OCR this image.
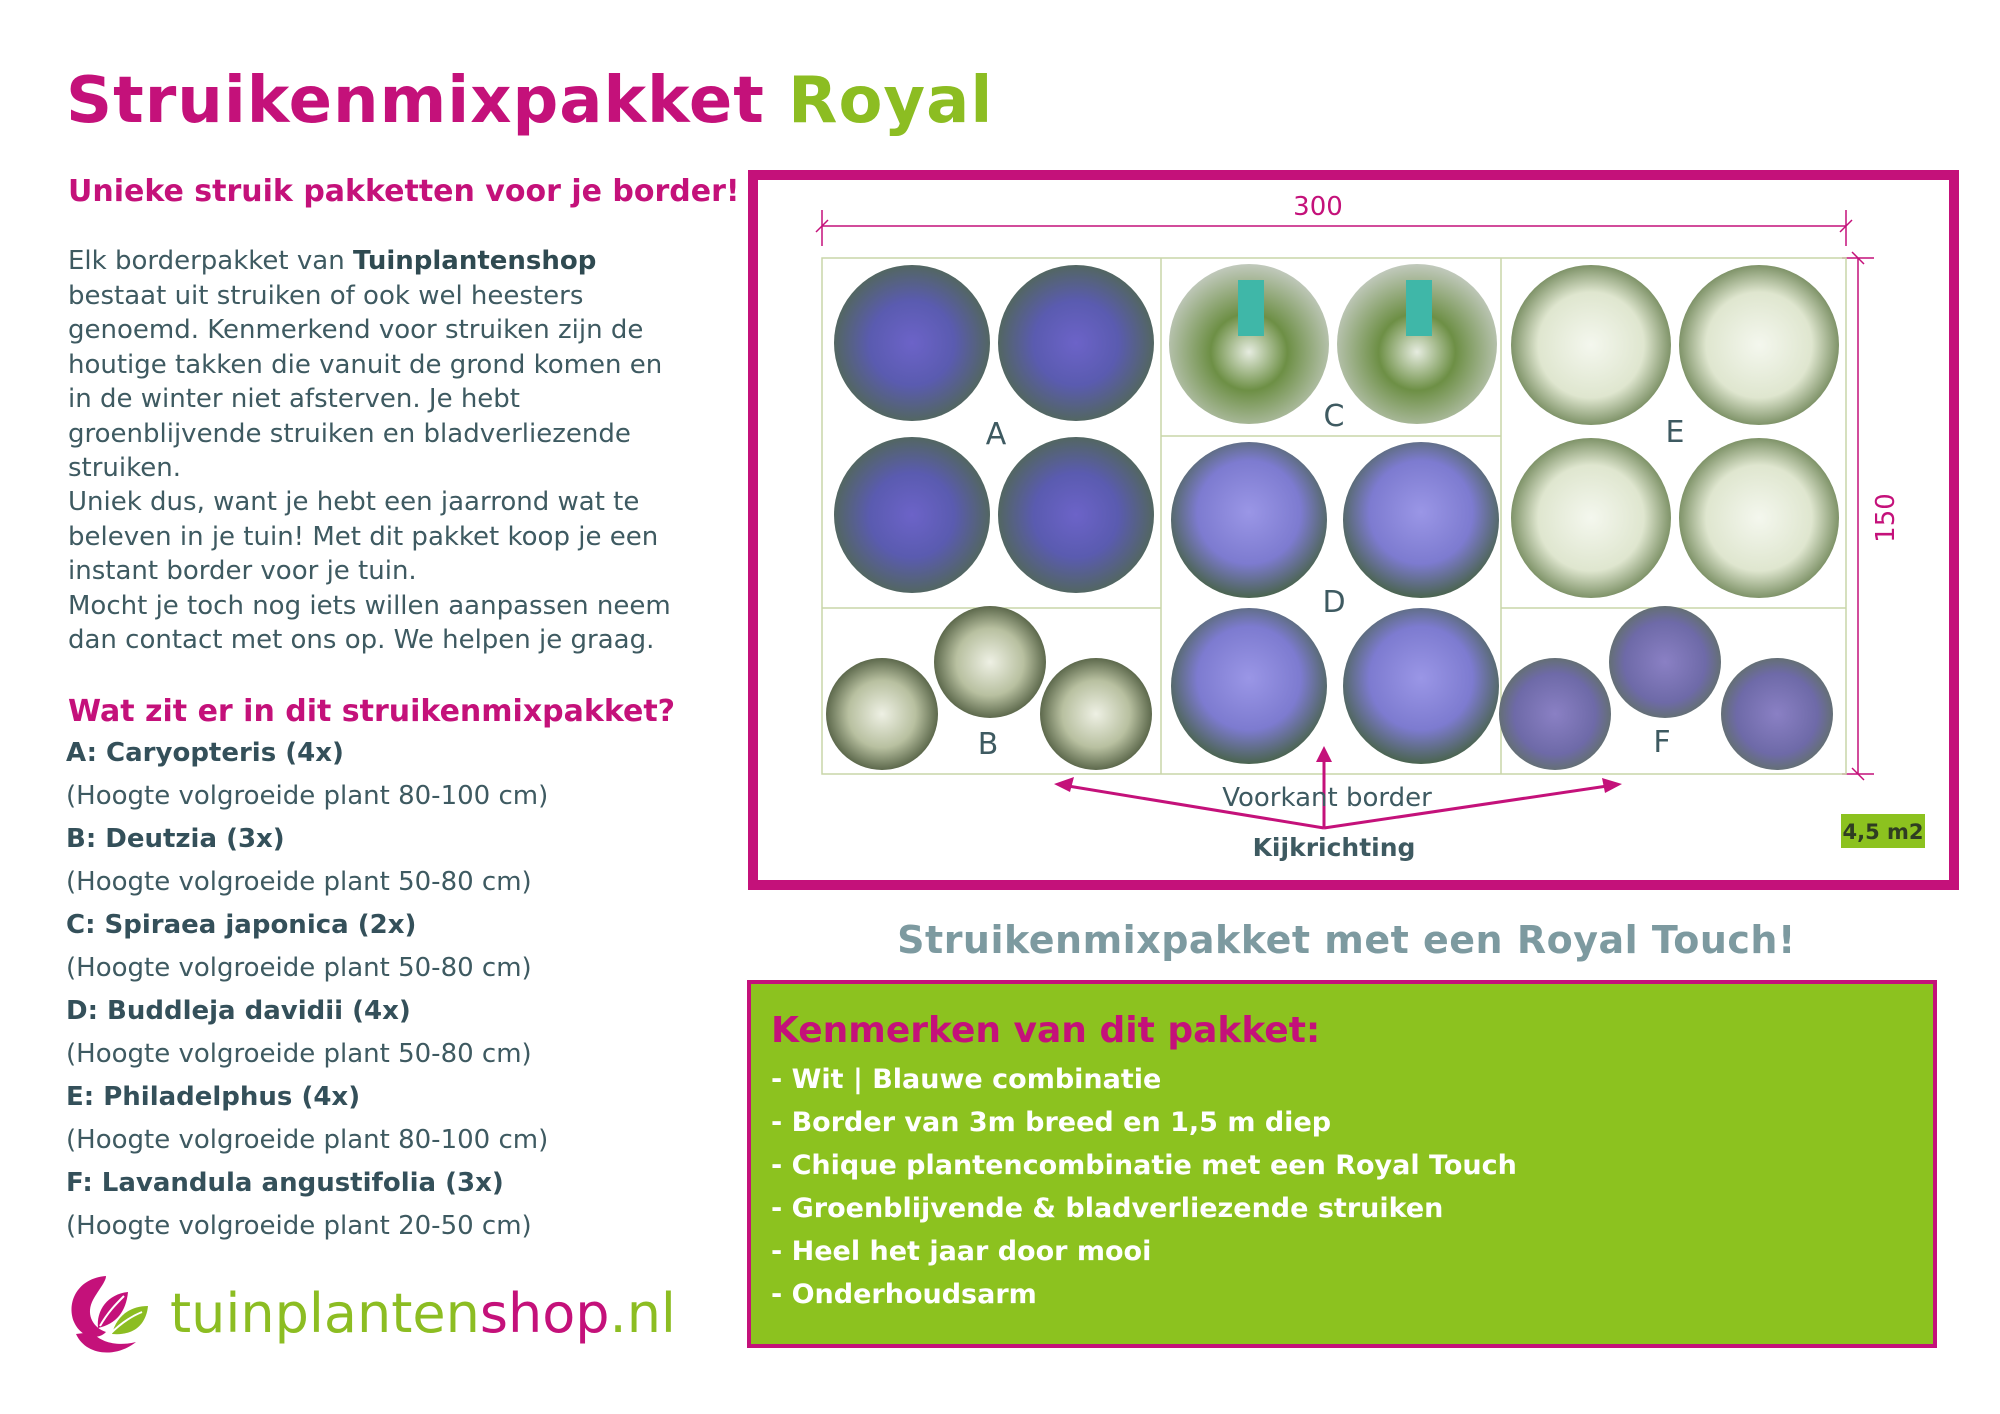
Struikenmixpakket Royal
Unieke struik pakketten voor je border!
Elk borderpakket van Tuinplantenshop bestaat uit struiken of ook wel heesters genoemd. Kenmerkend voor struiken zijn de houtige takken die vanuit de grond komen en in de winter niet afsterven. Je hebt groenblijvende struiken en bladverliezende struiken.
Uniek dus, want je hebt een jaarrond wat te beleven in je tuin! Met dit pakket koop je een instant border voor je tuin.
Mocht je toch nog iets willen aanpassen neem dan contact met ons op. We helpen je graag.
Wat zit er in dit struikenmixpakket?
A: Caryopteris (4x)
(Hoogte volgroeide plant 80-100 cm)
B: Deutzia (3x)
(Hoogte volgroeide plant 50-80 cm)
C: Spiraea japonica (2x)
(Hoogte volgroeide plant 50-80 cm)
D: Buddleja davidii (4x)
(Hoogte volgroeide plant 50-80 cm)
E: Philadelphus (4x)
(Hoogte volgroeide plant 80-100 cm)
F: Lavandula angustifolia (3x)
(Hoogte volgroeide plant 20-50 cm)
tuinplantenshop.nl
300
150
A
B
C
D
E
F
Voorkant border
Kijkrichting
4,5 m2
Struikenmixpakket met een Royal Touch!
Kenmerken van dit pakket:
- Wit | Blauwe combinatie
- Border van 3m breed en 1,5 m diep
- Chique plantencombinatie met een Royal Touch
- Groenblijvende & bladverliezende struiken
- Heel het jaar door mooi
- Onderhoudsarm
